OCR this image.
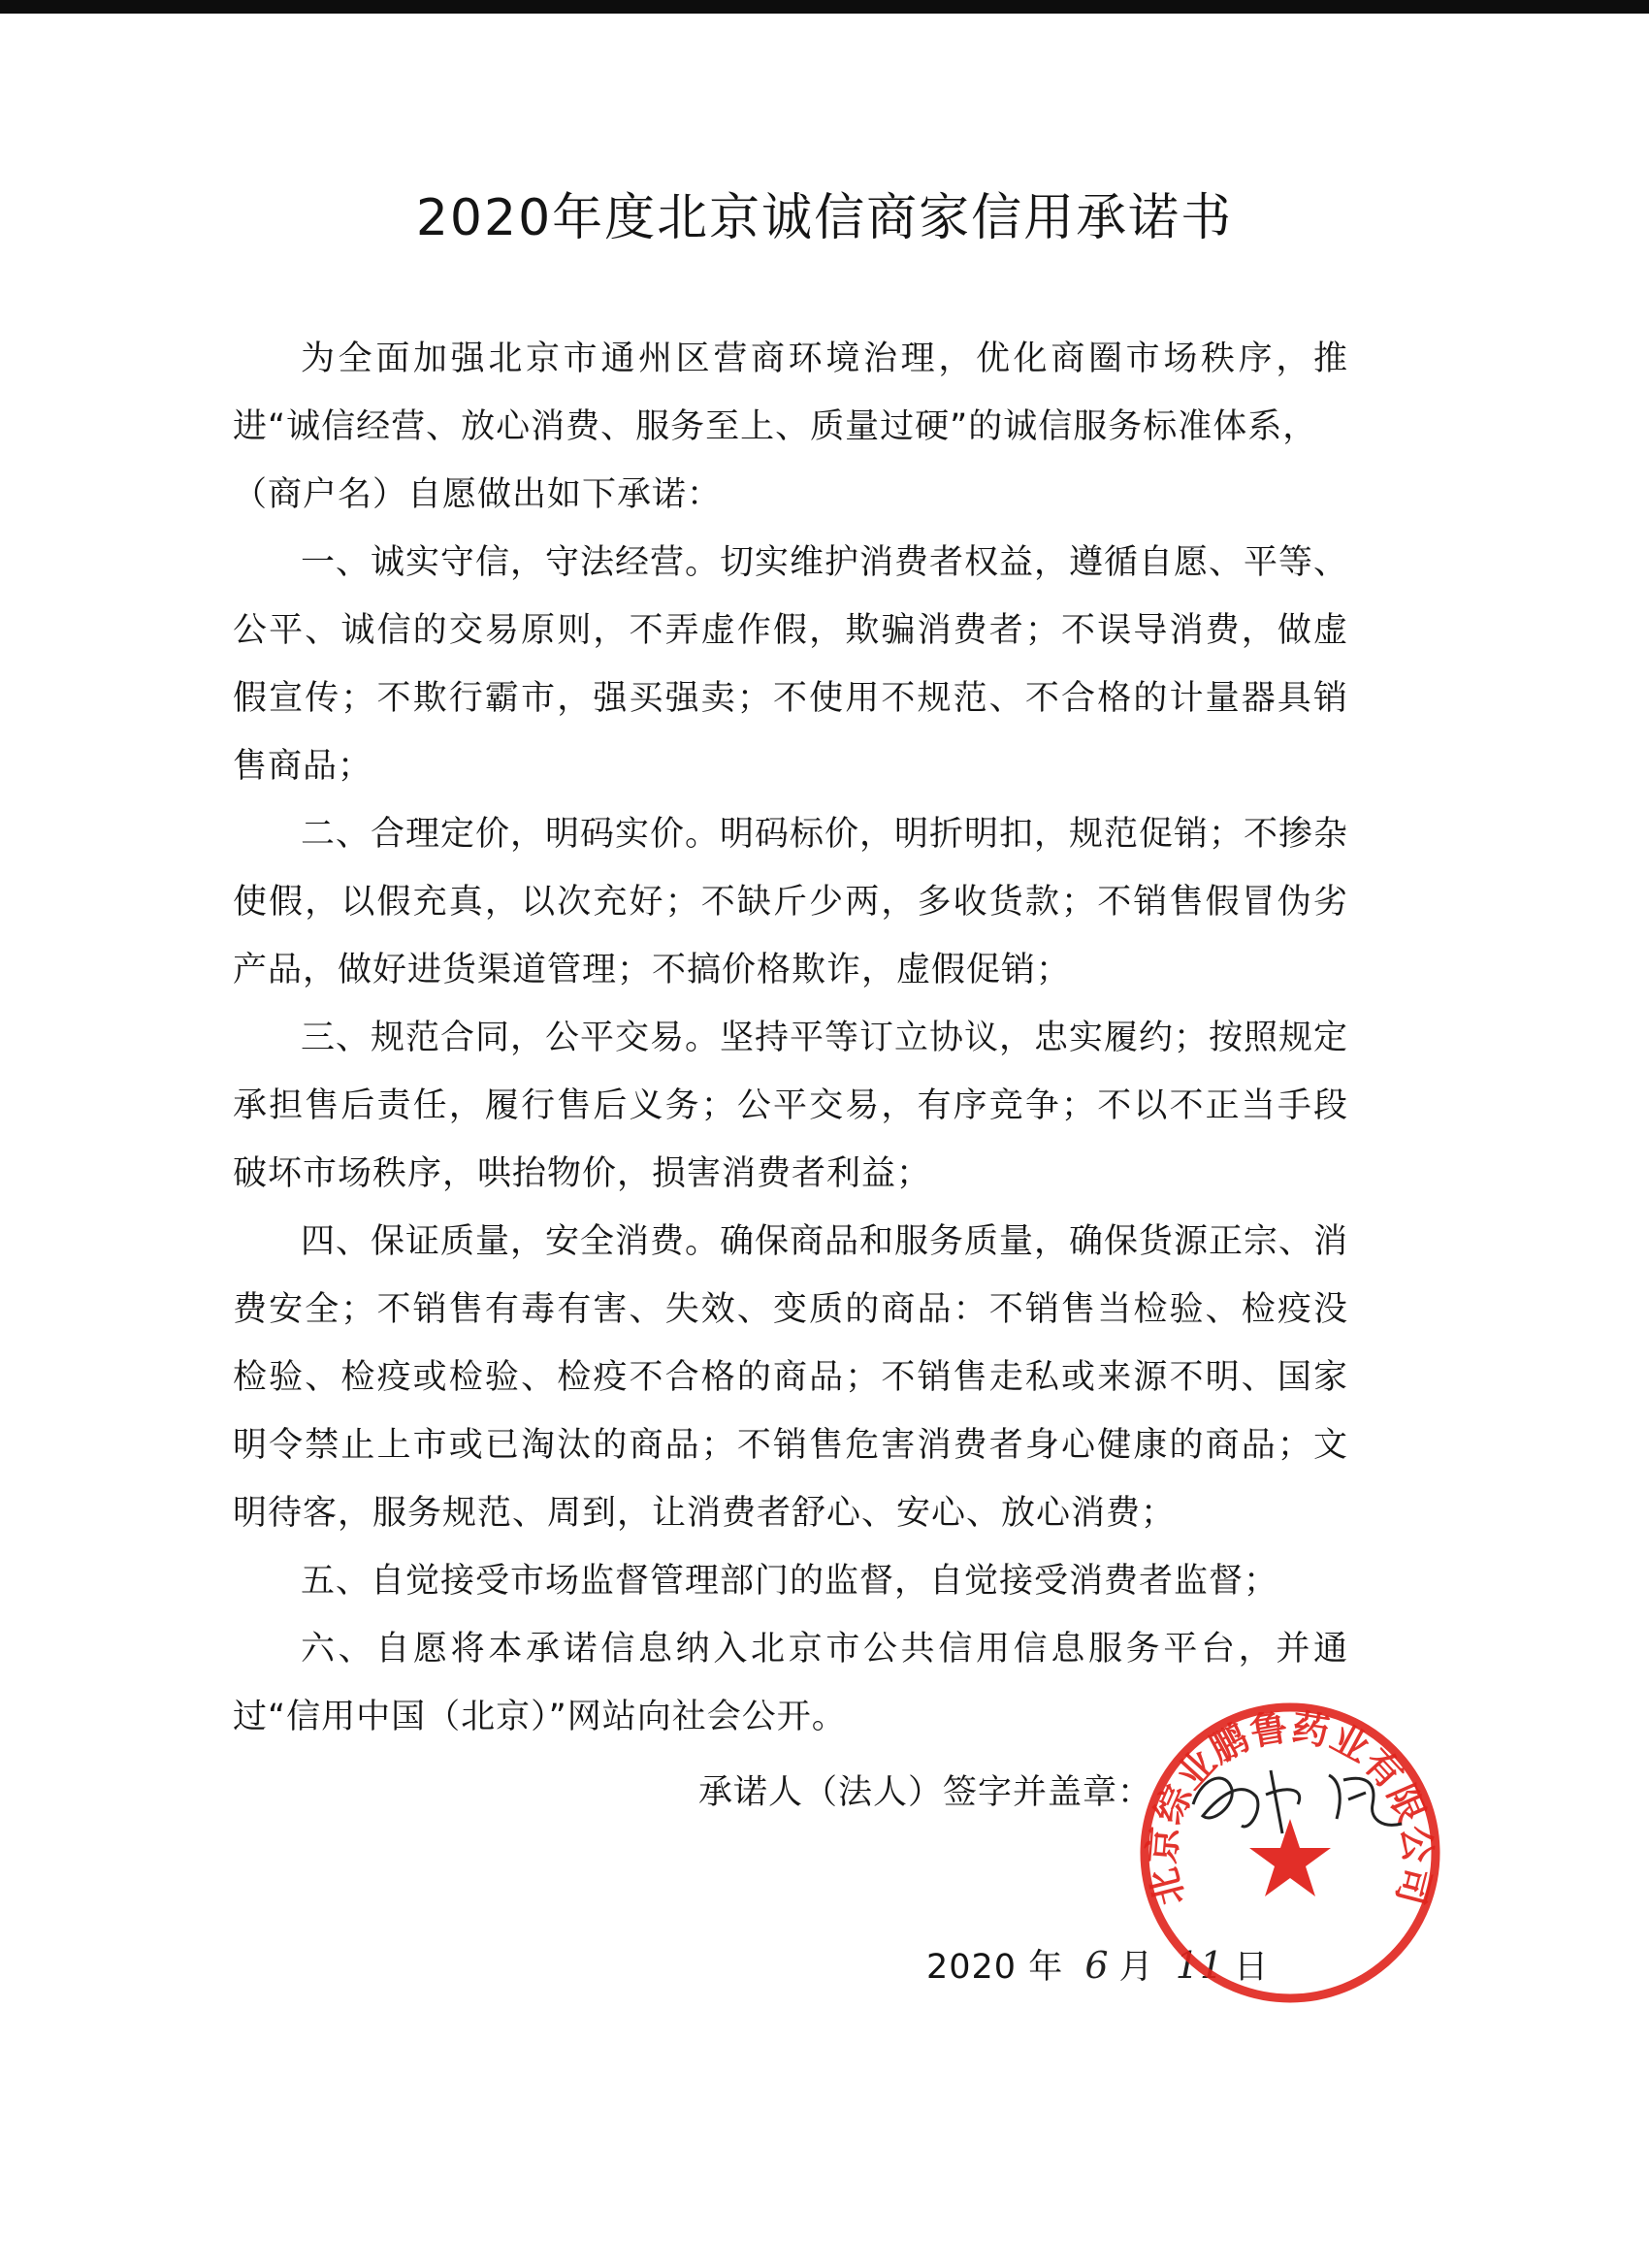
2020年度北京诚信商家信用承诺书

为全面加强北京市通州区营商环境治理，优化商圈市场秩序，推进“诚信经营、放心消费、服务至上、质量过硬”的诚信服务标准体系，

（商户名）自愿做出如下承诺：

一、诚实守信，守法经营。切实维护消费者权益，遵循自愿、平等、公平、诚信的交易原则，不弄虚作假，欺骗消费者；不误导消费，做虚假宣传；不欺行霸市，强买强卖；不使用不规范、不合格的计量器具销售商品；

二、合理定价，明码实价。明码标价，明折明扣，规范促销；不掺杂使假，以假充真，以次充好；不缺斤少两，多收货款；不销售假冒伪劣产品，做好进货渠道管理；不搞价格欺诈，虚假促销；

三、规范合同，公平交易。坚持平等订立协议，忠实履约；按照规定承担售后责任，履行售后义务；公平交易，有序竞争；不以不正当手段破坏市场秩序，哄抬物价，损害消费者利益；

四、保证质量，安全消费。确保商品和服务质量，确保货源正宗、消费安全；不销售有毒有害、失效、变质的商品：不销售当检验、检疫没检验、检疫或检验、检疫不合格的商品；不销售走私或来源不明、国家明令禁止上市或已淘汰的商品；不销售危害消费者身心健康的商品；文明待客，服务规范、周到，让消费者舒心、安心、放心消费；

五、自觉接受市场监督管理部门的监督，自觉接受消费者监督；

六、自愿将本承诺信息纳入北京市公共信用信息服务平台，并通过“信用中国（北京）”网站向社会公开。

承诺人（法人）签字并盖章：
2020 年 6 月 11 日
北京综业鹏鲁药业有限公司
